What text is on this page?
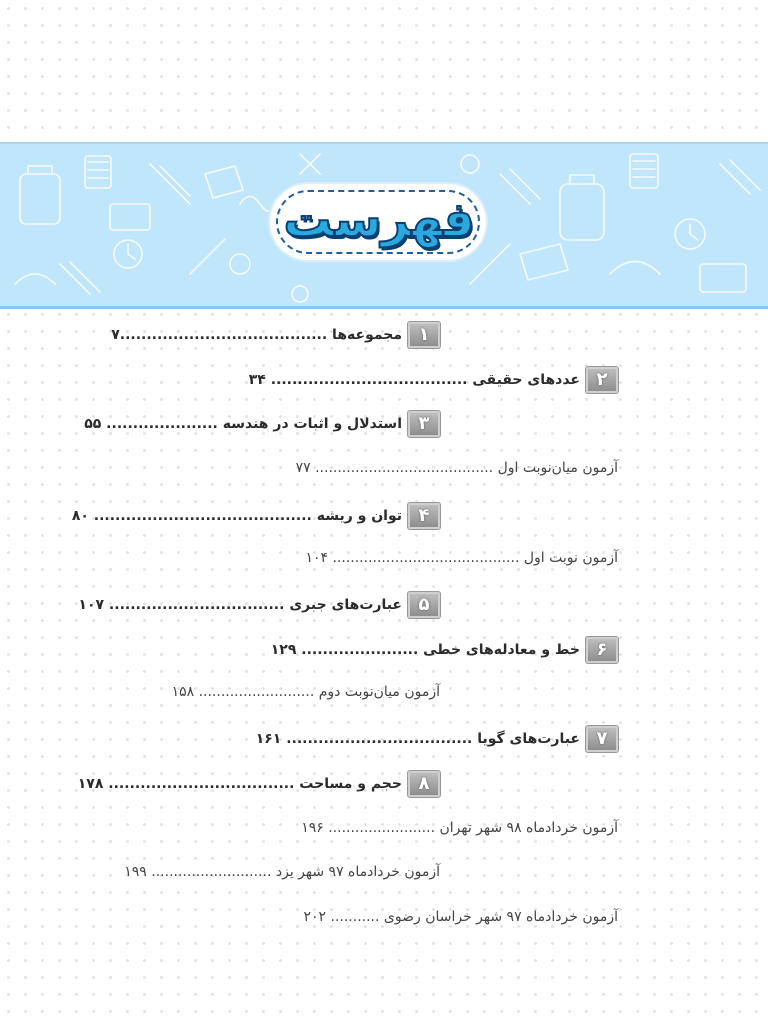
فهرست
۱
مجموعه‌ها .......................................۷
۲
عددهای حقیقی ..................................... ۳۴
۳
استدلال و اثبات در هندسه ..................... ۵۵
آزمون میان‌نوبت اول ........................................ ۷۷
۴
توان و ریشه ......................................... ۸۰
آزمون نوبت اول .......................................... ۱۰۴
۵
عبارت‌های جبری ................................. ۱۰۷
۶
خط و معادله‌های خطی ...................... ۱۲۹
آزمون میان‌نوبت دوم .......................... ۱۵۸
۷
عبارت‌های گویا ................................... ۱۶۱
۸
حجم و مساحت ................................... ۱۷۸
آزمون خردادماه ۹۸ شهر تهران ........................ ۱۹۶
آزمون خردادماه ۹۷ شهر یزد ........................... ۱۹۹
آزمون خردادماه ۹۷ شهر خراسان رضوی ........... ۲۰۲
